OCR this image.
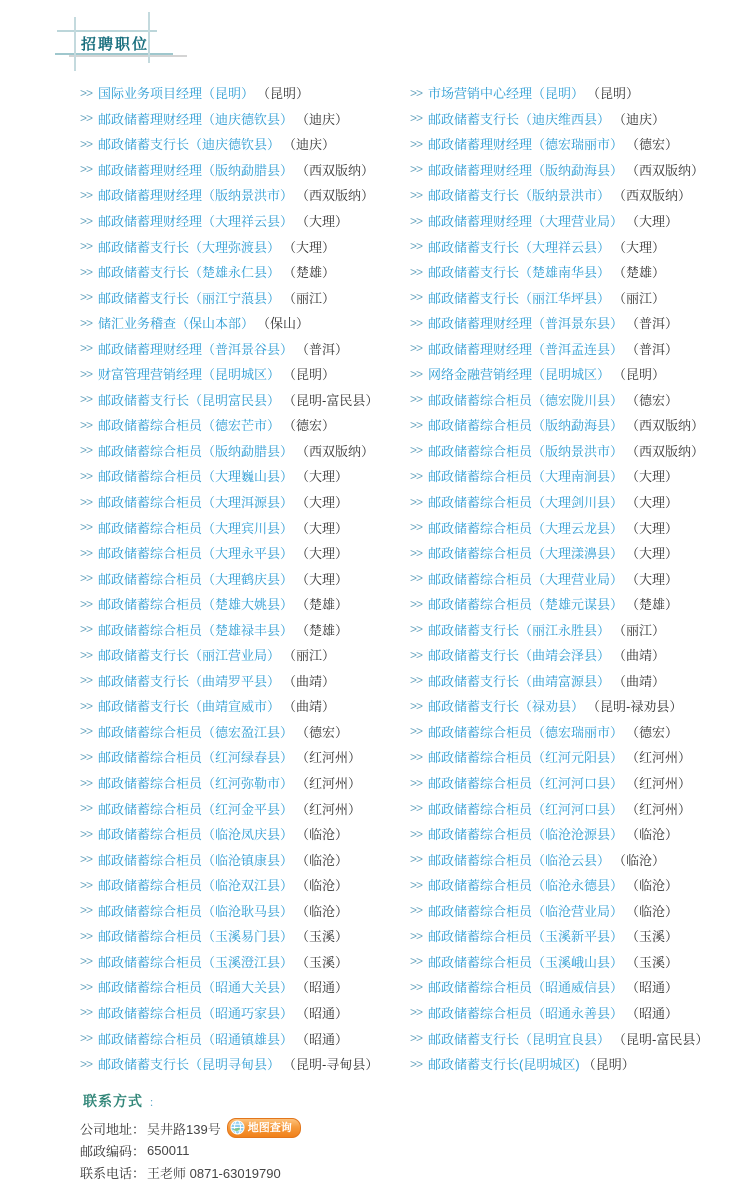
招聘职位
>> 国际业务项目经理（昆明） （昆明）
>> 邮政储蓄理财经理（迪庆德钦县） （迪庆）
>> 邮政储蓄支行长（迪庆德钦县） （迪庆）
>> 邮政储蓄理财经理（版纳勐腊县） （西双版纳）
>> 邮政储蓄理财经理（版纳景洪市） （西双版纳）
>> 邮政储蓄理财经理（大理祥云县） （大理）
>> 邮政储蓄支行长（大理弥渡县） （大理）
>> 邮政储蓄支行长（楚雄永仁县） （楚雄）
>> 邮政储蓄支行长（丽江宁蒗县） （丽江）
>> 储汇业务稽查（保山本部） （保山）
>> 邮政储蓄理财经理（普洱景谷县） （普洱）
>> 财富管理营销经理（昆明城区） （昆明）
>> 邮政储蓄支行长（昆明富民县） （昆明-富民县）
>> 邮政储蓄综合柜员（德宏芒市） （德宏）
>> 邮政储蓄综合柜员（版纳勐腊县） （西双版纳）
>> 邮政储蓄综合柜员（大理巍山县） （大理）
>> 邮政储蓄综合柜员（大理洱源县） （大理）
>> 邮政储蓄综合柜员（大理宾川县） （大理）
>> 邮政储蓄综合柜员（大理永平县） （大理）
>> 邮政储蓄综合柜员（大理鹤庆县） （大理）
>> 邮政储蓄综合柜员（楚雄大姚县） （楚雄）
>> 邮政储蓄综合柜员（楚雄禄丰县） （楚雄）
>> 邮政储蓄支行长（丽江营业局） （丽江）
>> 邮政储蓄支行长（曲靖罗平县） （曲靖）
>> 邮政储蓄支行长（曲靖宣威市） （曲靖）
>> 邮政储蓄综合柜员（德宏盈江县） （德宏）
>> 邮政储蓄综合柜员（红河绿春县） （红河州）
>> 邮政储蓄综合柜员（红河弥勒市） （红河州）
>> 邮政储蓄综合柜员（红河金平县） （红河州）
>> 邮政储蓄综合柜员（临沧凤庆县） （临沧）
>> 邮政储蓄综合柜员（临沧镇康县） （临沧）
>> 邮政储蓄综合柜员（临沧双江县） （临沧）
>> 邮政储蓄综合柜员（临沧耿马县） （临沧）
>> 邮政储蓄综合柜员（玉溪易门县） （玉溪）
>> 邮政储蓄综合柜员（玉溪澄江县） （玉溪）
>> 邮政储蓄综合柜员（昭通大关县） （昭通）
>> 邮政储蓄综合柜员（昭通巧家县） （昭通）
>> 邮政储蓄综合柜员（昭通镇雄县） （昭通）
>> 邮政储蓄支行长（昆明寻甸县） （昆明-寻甸县）
>> 市场营销中心经理（昆明） （昆明）
>> 邮政储蓄支行长（迪庆维西县） （迪庆）
>> 邮政储蓄理财经理（德宏瑞丽市） （德宏）
>> 邮政储蓄理财经理（版纳勐海县） （西双版纳）
>> 邮政储蓄支行长（版纳景洪市） （西双版纳）
>> 邮政储蓄理财经理（大理营业局） （大理）
>> 邮政储蓄支行长（大理祥云县） （大理）
>> 邮政储蓄支行长（楚雄南华县） （楚雄）
>> 邮政储蓄支行长（丽江华坪县） （丽江）
>> 邮政储蓄理财经理（普洱景东县） （普洱）
>> 邮政储蓄理财经理（普洱孟连县） （普洱）
>> 网络金融营销经理（昆明城区） （昆明）
>> 邮政储蓄综合柜员（德宏陇川县） （德宏）
>> 邮政储蓄综合柜员（版纳勐海县） （西双版纳）
>> 邮政储蓄综合柜员（版纳景洪市） （西双版纳）
>> 邮政储蓄综合柜员（大理南涧县） （大理）
>> 邮政储蓄综合柜员（大理剑川县） （大理）
>> 邮政储蓄综合柜员（大理云龙县） （大理）
>> 邮政储蓄综合柜员（大理漾濞县） （大理）
>> 邮政储蓄综合柜员（大理营业局） （大理）
>> 邮政储蓄综合柜员（楚雄元谋县） （楚雄）
>> 邮政储蓄支行长（丽江永胜县） （丽江）
>> 邮政储蓄支行长（曲靖会泽县） （曲靖）
>> 邮政储蓄支行长（曲靖富源县） （曲靖）
>> 邮政储蓄支行长（禄劝县） （昆明-禄劝县）
>> 邮政储蓄综合柜员（德宏瑞丽市） （德宏）
>> 邮政储蓄综合柜员（红河元阳县） （红河州）
>> 邮政储蓄综合柜员（红河河口县） （红河州）
>> 邮政储蓄综合柜员（红河河口县） （红河州）
>> 邮政储蓄综合柜员（临沧沧源县） （临沧）
>> 邮政储蓄综合柜员（临沧云县） （临沧）
>> 邮政储蓄综合柜员（临沧永德县） （临沧）
>> 邮政储蓄综合柜员（临沧营业局） （临沧）
>> 邮政储蓄综合柜员（玉溪新平县） （玉溪）
>> 邮政储蓄综合柜员（玉溪峨山县） （玉溪）
>> 邮政储蓄综合柜员（昭通威信县） （昭通）
>> 邮政储蓄综合柜员（昭通永善县） （昭通）
>> 邮政储蓄支行长（昆明宜良县） （昆明-富民县）
>> 邮政储蓄支行长(昆明城区) （昆明）
联系方式 ：
公司地址： 吴井路139号 地图查询
邮政编码： 650011
联系电话： 王老师 0871-63019790
